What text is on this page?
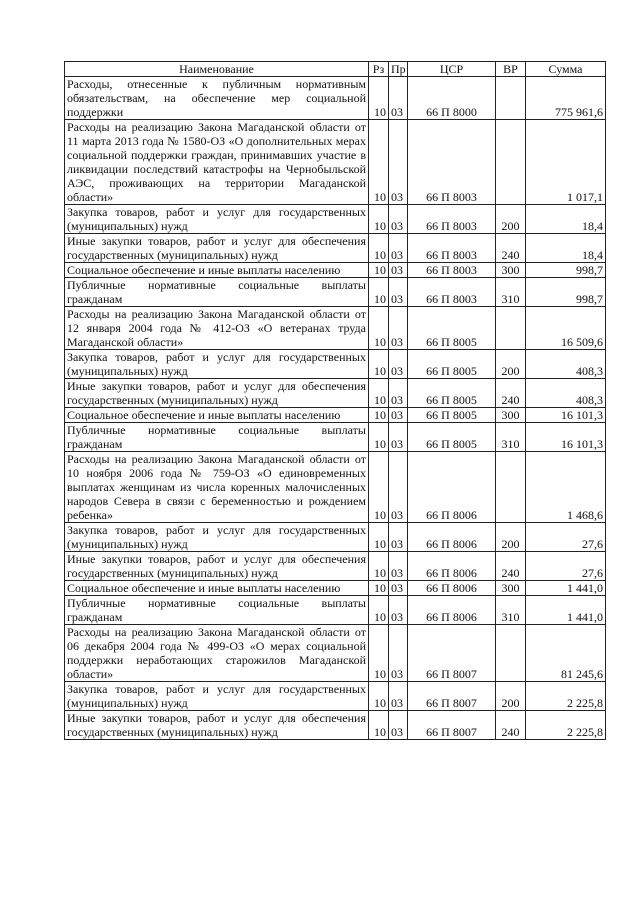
Наименование	Рз	Пр	ЦСР	ВР	Сумма
Расходы, отнесенные к публичным нормативным обязательствам, на обеспечение мер социальной поддержки	10	03	66 П 8000		775 961,6
Расходы на реализацию Закона Магаданской области от 11 марта 2013 года № 1580-ОЗ «О дополнительных мерах социальной поддержки граждан, принимавших участие в ликвидации последствий катастрофы на Чернобыльской АЭС, проживающих на территории Магаданской области»	10	03	66 П 8003		1 017,1
Закупка товаров, работ и услуг для государственных (муниципальных) нужд	10	03	66 П 8003	200	18,4
Иные закупки товаров, работ и услуг для обеспечения государственных (муниципальных) нужд	10	03	66 П 8003	240	18,4
Социальное обеспечение и иные выплаты населению	10	03	66 П 8003	300	998,7
Публичные нормативные социальные выплаты гражданам	10	03	66 П 8003	310	998,7
Расходы на реализацию Закона Магаданской области от 12 января 2004 года № 412-ОЗ «О ветеранах труда Магаданской области»	10	03	66 П 8005		16 509,6
Закупка товаров, работ и услуг для государственных (муниципальных) нужд	10	03	66 П 8005	200	408,3
Иные закупки товаров, работ и услуг для обеспечения государственных (муниципальных) нужд	10	03	66 П 8005	240	408,3
Социальное обеспечение и иные выплаты населению	10	03	66 П 8005	300	16 101,3
Публичные нормативные социальные выплаты гражданам	10	03	66 П 8005	310	16 101,3
Расходы на реализацию Закона Магаданской области от 10 ноября 2006 года № 759-ОЗ «О единовременных выплатах женщинам из числа коренных малочисленных народов Севера в связи с беременностью и рождением ребенка»	10	03	66 П 8006		1 468,6
Закупка товаров, работ и услуг для государственных (муниципальных) нужд	10	03	66 П 8006	200	27,6
Иные закупки товаров, работ и услуг для обеспечения государственных (муниципальных) нужд	10	03	66 П 8006	240	27,6
Социальное обеспечение и иные выплаты населению	10	03	66 П 8006	300	1 441,0
Публичные нормативные социальные выплаты гражданам	10	03	66 П 8006	310	1 441,0
Расходы на реализацию Закона Магаданской области от 06 декабря 2004 года № 499-ОЗ «О мерах социальной поддержки неработающих старожилов Магаданской области»	10	03	66 П 8007		81 245,6
Закупка товаров, работ и услуг для государственных (муниципальных) нужд	10	03	66 П 8007	200	2 225,8
Иные закупки товаров, работ и услуг для обеспечения государственных (муниципальных) нужд	10	03	66 П 8007	240	2 225,8
